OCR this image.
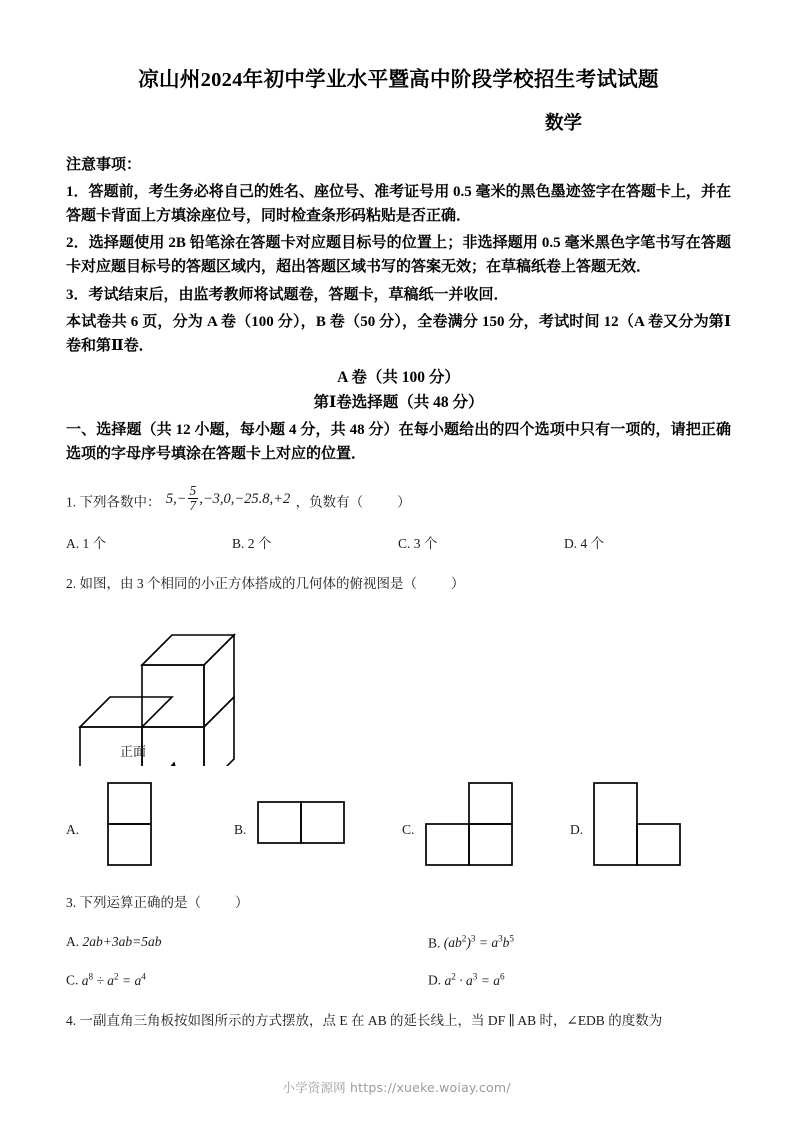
凉山州2024年初中学业水平暨高中阶段学校招生考试试题
数学
注意事项：
1．答题前，考生务必将自己的姓名、座位号、准考证号用 0.5 毫米的黑色墨迹签字在答题卡上，并在答题卡背面上方填涂座位号，同时检查条形码粘贴是否正确．
2．选择题使用 2B 铅笔涂在答题卡对应题目标号的位置上；非选择题用 0.5 毫米黑色字笔书写在答题卡对应题目标号的答题区域内，超出答题区域书写的答案无效；在草稿纸卷上答题无效．
3．考试结束后，由监考教师将试题卷，答题卡，草稿纸一并收回．
本试卷共 6 页，分为 A 卷（100 分），B 卷（50 分），全卷满分 150 分，考试时间 12（A 卷又分为第Ⅰ卷和第Ⅱ卷．
A 卷（共 100 分）
第Ⅰ卷选择题（共 48 分）
一、选择题（共 12 小题，每小题 4 分，共 48 分）在每小题给出的四个选项中只有一项的，请把正确选项的字母序号填涂在答题卡上对应的位置．
1. 下列各数中： $5,- \frac{5}{7} ,-3,0,-25.8,+2$ ，负数有（	）
A. 1 个	B. 2 个	C. 3 个	D. 4 个
2. 如图，由 3 个相同的小正方体搭成的几何体的俯视图是（	）
正面
A.	B.	C.	D.
3. 下列运算正确的是（	）
A. 2ab+3ab=5ab	B. $(ab^2)^3 = a^3b^5$
C. $a^8 \div a^2 = a^4$	D. $a^2 \cdot a^3 = a^6$
4. 一副直角三角板按如图所示的方式摆放，点 E 在 AB 的延长线上，当 DF ∥ AB 时，∠EDB 的度数为
小学资源网 https://xueke.woiay.com/
